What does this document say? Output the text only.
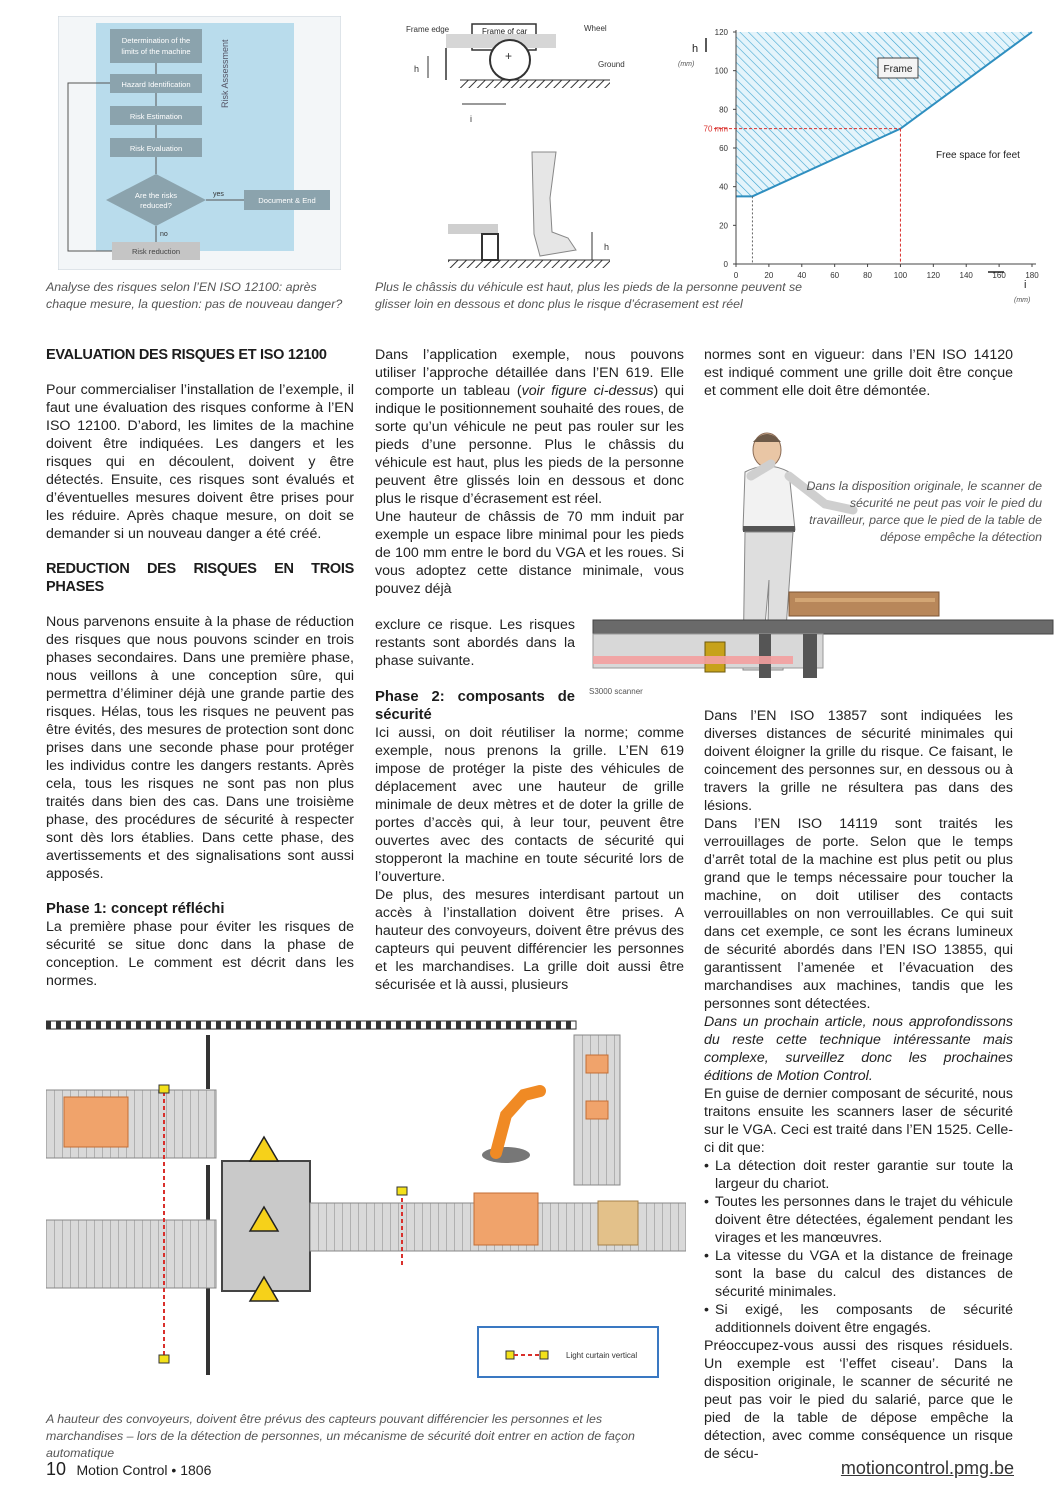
Risk Assessment
Determination of the
limits of the machine
Hazard Identification
Risk Estimation
Risk Evaluation
Are the risks
reduced?
Document & End
Risk reduction
yes
no
Analyse des risques selon l’EN ISO 12100: après chaque mesure, la question: pas de nouveau danger?
Frame of car
Frame edge	Wheel
Ground
+
h
i
h
Plus le châssis du véhicule est haut, plus les pieds de la personne peuvent se glisser loin en dessous et donc plus le risque d’écrasement est réel
0
20
40
60
80
100
120
70 mm
0	20	40	60	80	100 120 140 160 180
h
(mm)
i
(mm)
Frame
Free space for feet
S3000 scanner
Dans la disposition originale, le scanner de sécurité ne peut pas voir le pied du travailleur, parce que le pied de la table de dépose empêche la détection
Light curtain vertical
A hauteur des convoyeurs, doivent être prévus des capteurs pouvant différencier les personnes et les marchandises – lors de la détection de personnes, un mécanisme de sécurité doit entrer en action de façon automatique

EVALUATION DES RISQUES ET ISO 12100

Pour commercialiser l’installation de l’exemple, il faut une évaluation des risques conforme à l’EN ISO 12100. D’abord, les limites de la machine doivent être indiquées. Les dangers et les risques qui en découlent, doivent y être détectés. Ensuite, ces risques sont évalués et d’éventuelles mesures doivent être prises pour les réduire. Après chaque mesure, on doit se demander si un nouveau danger a été créé.

REDUCTION DES RISQUES EN TROIS PHASES

Nous parvenons ensuite à la phase de réduction des risques que nous pouvons scinder en trois phases secondaires. Dans une première phase, nous veillons à une conception sûre, qui permettra d’éliminer déjà une grande partie des risques. Hélas, tous les risques ne peuvent pas être évités, des mesures de protection sont donc prises dans une seconde phase pour protéger les individus contre les dangers restants. Après cela, tous les risques ne sont pas non plus traités dans bien des cas. Dans une troisième phase, des procédures de sécurité à respecter sont dès lors établies. Dans cette phase, des avertissements et des signalisations sont aussi apposés.

Phase 1: concept réfléchi

La première phase pour éviter les risques de sécurité se situe donc dans la phase de conception. Le comment est décrit dans les normes.

Dans l’application exemple, nous pouvons utiliser l’approche détaillée dans l’EN 619. Elle comporte un tableau (voir figure ci-dessus) qui indique le positionnement souhaité des roues, de sorte qu’un véhicule ne peut pas rouler sur les pieds d’une personne. Plus le châssis du véhicule est haut, plus les pieds de la personne peuvent être glissés loin en dessous et donc plus le risque d’écrasement est réel.

Une hauteur de châssis de 70 mm induit par exemple un espace libre minimal pour les pieds de 100 mm entre le bord du VGA et les roues. Si vous adoptez cette distance minimale, vous pouvez déjà

exclure ce risque. Les risques restants sont abordés dans la phase suivante.

Phase 2: composants de sécurité

Ici aussi, on doit réutiliser la norme; comme exemple, nous prenons la grille. L’EN 619 impose de protéger la piste des véhicules de déplacement avec une hauteur de grille minimale de deux mètres et de doter la grille de portes d’accès qui, à leur tour, peuvent être ouvertes avec des contacts de sécurité qui stopperont la machine en toute sécurité lors de l’ouverture.

De plus, des mesures interdisant partout un accès à l’installation doivent être prises. A hauteur des convoyeurs, doivent être prévus des capteurs qui peuvent différencier les personnes et les marchandises. La grille doit aussi être sécurisée et là aussi, plusieurs

normes sont en vigueur: dans l’EN ISO 14120 est indiqué comment une grille doit être conçue et comment elle doit être démontée.

Dans l’EN ISO 13857 sont indiquées les diverses distances de sécurité minimales qui doivent éloigner la grille du risque. Ce faisant, le coincement des personnes sur, en dessous ou à travers la grille ne résultera pas dans des lésions.

Dans l’EN ISO 14119 sont traités les verrouillages de porte. Selon que le temps d’arrêt total de la machine est plus petit ou plus grand que le temps nécessaire pour toucher la machine, on doit utiliser des contacts verrouillables on non verrouillables. Ce qui suit dans cet exemple, ce sont les écrans lumineux de sécurité abordés dans l’EN ISO 13855, qui garantissent l’amenée et l’évacuation des marchandises aux machines, tandis que les personnes sont détectées.

Dans un prochain article, nous approfondissons du reste cette technique intéressante mais complexe, surveillez donc les prochaines éditions de Motion Control.

En guise de dernier composant de sécurité, nous traitons ensuite les scanners laser de sécurité sur le VGA. Ceci est traité dans l’EN 1525. Celle-ci dit que:

• La détection doit rester garantie sur toute la largeur du chariot.
• Toutes les personnes dans le trajet du véhicule doivent être détectées, également pendant les virages et les manœuvres.
• La vitesse du VGA et la distance de freinage sont la base du calcul des distances de sécurité minimales.
• Si exigé, les composants de sécurité additionnels doivent être engagés.

Préoccupez-vous aussi des risques résiduels. Un exemple est ‘l’effet ciseau’. Dans la disposition originale, le scanner de sécurité ne peut pas voir le pied du salarié, parce que le pied de la table de dépose empêche la détection, avec comme conséquence un risque de sécu-

10 Motion Control • 1806	motioncontrol.pmg.be
